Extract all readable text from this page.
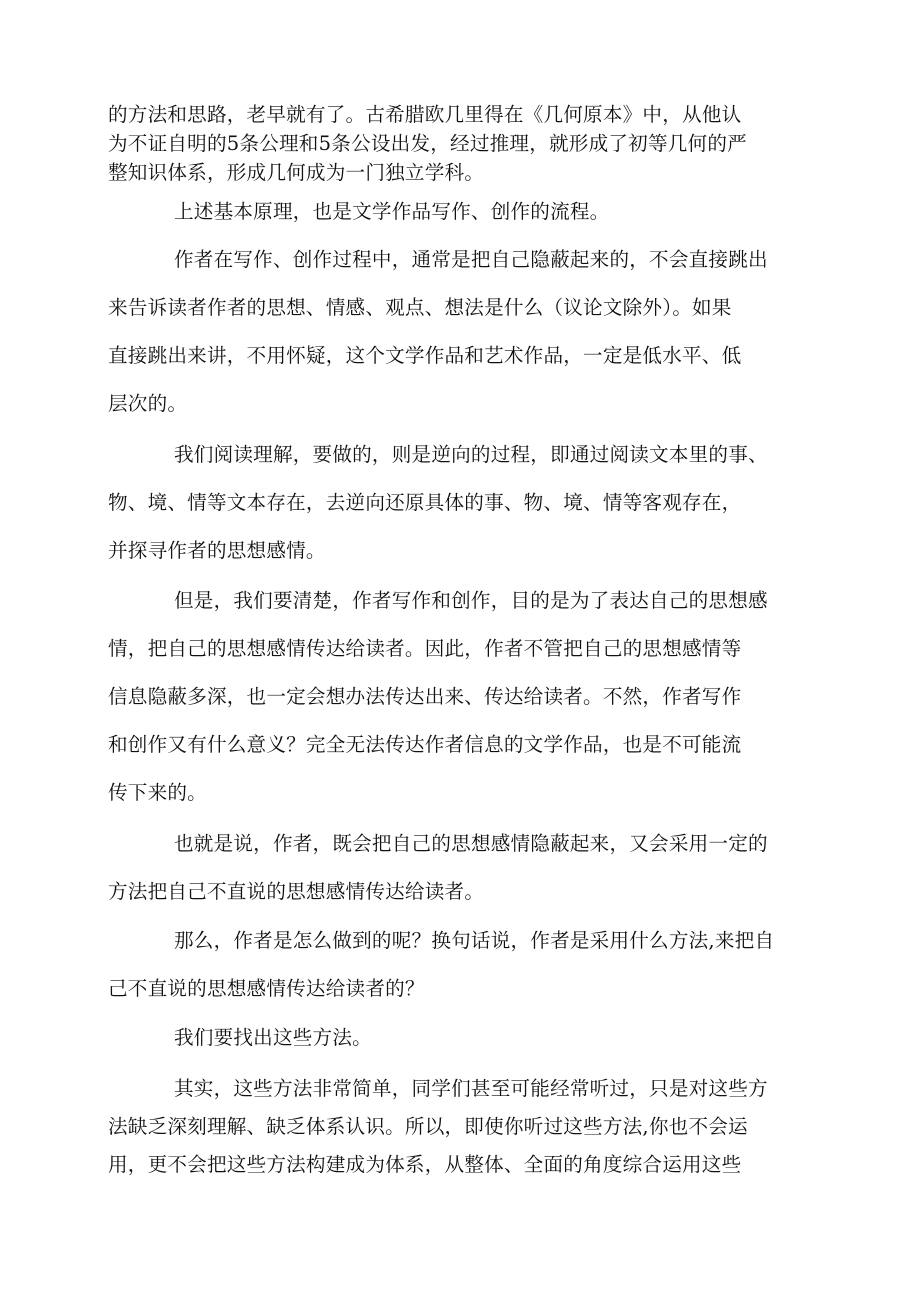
的方法和思路，老早就有了。古希腊欧几里得在《几何原本》中，从他认
为不证自明的5条公理和5条公设出发，经过推理，就形成了初等几何的严
整知识体系，形成几何成为一门独立学科。
上述基本原理，也是文学作品写作、创作的流程。
作者在写作、创作过程中，通常是把自己隐蔽起来的，不会直接跳出
来告诉读者作者的思想、情感、观点、想法是什么（议论文除外）。如果
直接跳出来讲，不用怀疑，这个文学作品和艺术作品，一定是低水平、低
层次的。
我们阅读理解，要做的，则是逆向的过程，即通过阅读文本里的事、
物、境、情等文本存在，去逆向还原具体的事、物、境、情等客观存在，
并探寻作者的思想感情。
但是，我们要清楚，作者写作和创作，目的是为了表达自己的思想感
情，把自己的思想感情传达给读者。因此，作者不管把自己的思想感情等
信息隐蔽多深，也一定会想办法传达出来、传达给读者。不然，作者写作
和创作又有什么意义？完全无法传达作者信息的文学作品，也是不可能流
传下来的。
也就是说，作者，既会把自己的思想感情隐蔽起来，又会采用一定的
方法把自己不直说的思想感情传达给读者。
那么，作者是怎么做到的呢？换句话说，作者是采用什么方法,来把自
己不直说的思想感情传达给读者的？
我们要找出这些方法。
其实，这些方法非常简单，同学们甚至可能经常听过，只是对这些方
法缺乏深刻理解、缺乏体系认识。所以，即使你听过这些方法,你也不会运
用，更不会把这些方法构建成为体系，从整体、全面的角度综合运用这些
